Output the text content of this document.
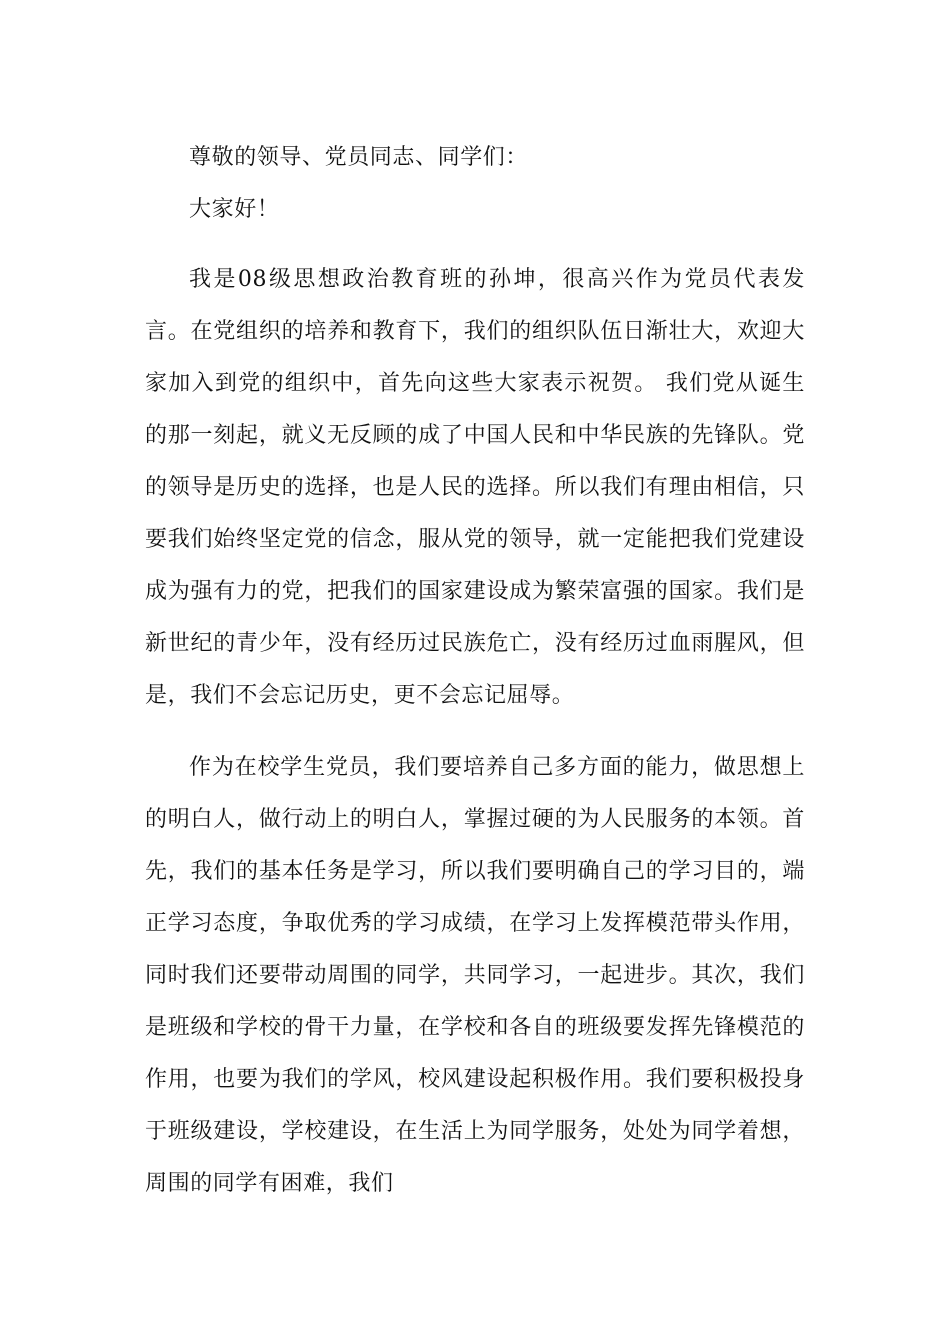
尊敬的领导、党员同志、同学们：

大家好！

我是08级思想政治教育班的孙坤，很高兴作为党员代表发言。在党组织的培养和教育下，我们的组织队伍日渐壮大，欢迎大家加入到党的组织中，首先向这些大家表示祝贺。 我们党从诞生的那一刻起，就义无反顾的成了中国人民和中华民族的先锋队。党的领导是历史的选择，也是人民的选择。所以我们有理由相信，只要我们始终坚定党的信念，服从党的领导，就一定能把我们党建设成为强有力的党，把我们的国家建设成为繁荣富强的国家。我们是新世纪的青少年，没有经历过民族危亡，没有经历过血雨腥风，但是，我们不会忘记历史，更不会忘记屈辱。

作为在校学生党员，我们要培养自己多方面的能力，做思想上的明白人，做行动上的明白人，掌握过硬的为人民服务的本领。首先，我们的基本任务是学习，所以我们要明确自己的学习目的，端正学习态度，争取优秀的学习成绩，在学习上发挥模范带头作用，同时我们还要带动周围的同学，共同学习，一起进步。其次，我们是班级和学校的骨干力量，在学校和各自的班级要发挥先锋模范的作用，也要为我们的学风，校风建设起积极作用。我们要积极投身于班级建设，学校建设，在生活上为同学服务，处处为同学着想，周围的同学有困难，我们
